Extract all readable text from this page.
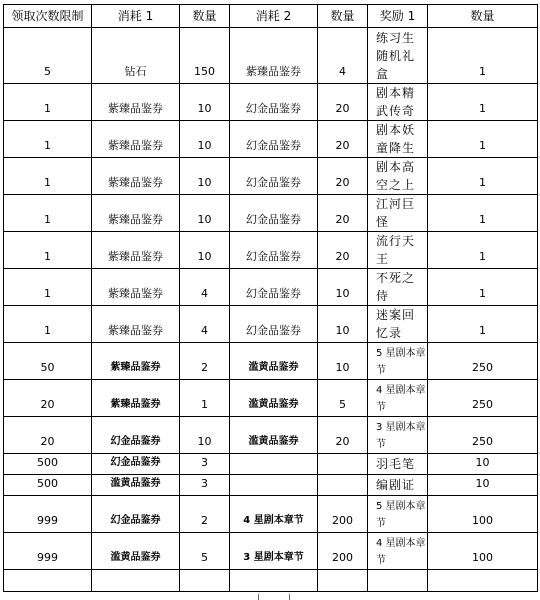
领取次数限制	消耗 1	数量	消耗 2	数量	奖励 1	数量
5	钻石	150	紫臻品鉴券	4	练习生随机礼盒	1
1	紫臻品鉴券	10	幻金品鉴券	20	剧本精武传奇	1
1	紫臻品鉴券	10	幻金品鉴券	20	剧本妖童降生	1
1	紫臻品鉴券	10	幻金品鉴券	20	剧本高空之上	1
1	紫臻品鉴券	10	幻金品鉴券	20	江河巨怪	1
1	紫臻品鉴券	10	幻金品鉴券	20	流行天王	1
1	紫臻品鉴券	4	幻金品鉴券	10	不死之侍	1
1	紫臻品鉴券	4	幻金品鉴券	10	迷案回忆录	1
50	紫臻品鉴券	2	滥黄品鉴券	10	5 星剧本章节	250
20	紫臻品鉴券	1	滥黄品鉴券	5	4 星剧本章节	250
20	幻金品鉴券	10	滥黄品鉴券	20	3 星剧本章节	250
500	幻金品鉴券	3			羽毛笔	10
500	滥黄品鉴券	3			编剧证	10
999	幻金品鉴券	2	4 星剧本章节	200	5 星剧本章节	100
999	滥黄品鉴券	5	3 星剧本章节	200	4 星剧本章节	100
